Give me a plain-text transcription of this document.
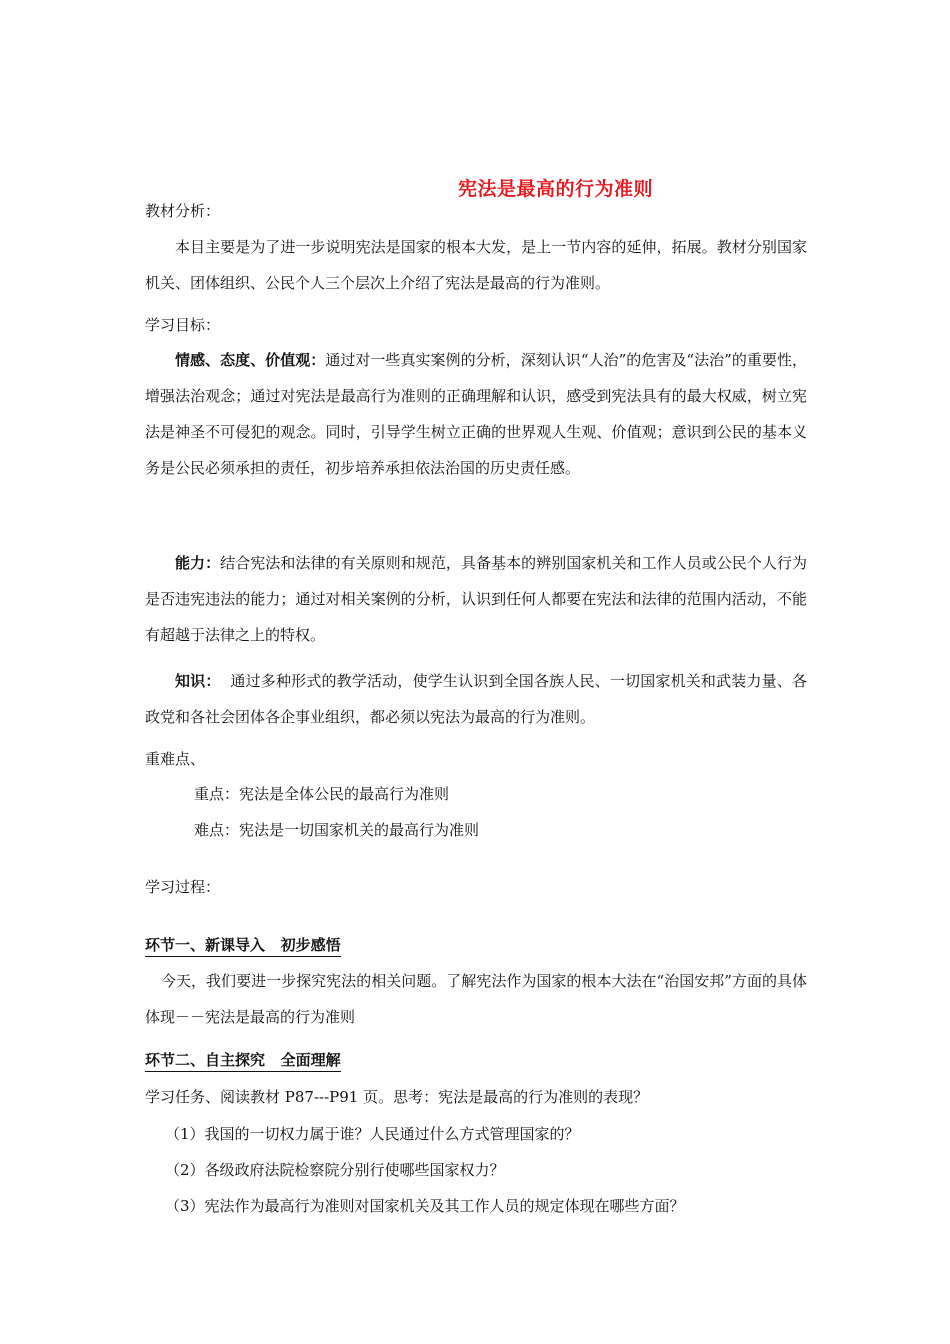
宪法是最高的行为准则
教材分析：
本目主要是为了进一步说明宪法是国家的根本大发，是上一节内容的延伸，拓展。教材分别国家机关、团体组织、公民个人三个层次上介绍了宪法是最高的行为准则。
学习目标：
情感、态度、价值观：通过对一些真实案例的分析，深刻认识“人治”的危害及“法治”的重要性，增强法治观念；通过对宪法是最高行为准则的正确理解和认识，感受到宪法具有的最大权威，树立宪法是神圣不可侵犯的观念。同时，引导学生树立正确的世界观人生观、价值观；意识到公民的基本义务是公民必须承担的责任，初步培养承担依法治国的历史责任感。
能力：结合宪法和法律的有关原则和规范，具备基本的辨别国家机关和工作人员或公民个人行为是否违宪违法的能力；通过对相关案例的分析，认识到任何人都要在宪法和法律的范围内活动，不能有超越于法律之上的特权。
知识：  通过多种形式的教学活动，使学生认识到全国各族人民、一切国家机关和武装力量、各政党和各社会团体各企事业组织，都必须以宪法为最高的行为准则。
重难点、
重点：宪法是全体公民的最高行为准则
难点：宪法是一切国家机关的最高行为准则
学习过程：
环节一、新课导入   初步感悟
今天，我们要进一步探究宪法的相关问题。了解宪法作为国家的根本大法在“治国安邦”方面的具体体现－－宪法是最高的行为准则
环节二、自主探究   全面理解
学习任务、阅读教材 P87---P91 页。思考：宪法是最高的行为准则的表现？
（1）我国的一切权力属于谁？人民通过什么方式管理国家的？
（2）各级政府法院检察院分别行使哪些国家权力？
（3）宪法作为最高行为准则对国家机关及其工作人员的规定体现在哪些方面？
